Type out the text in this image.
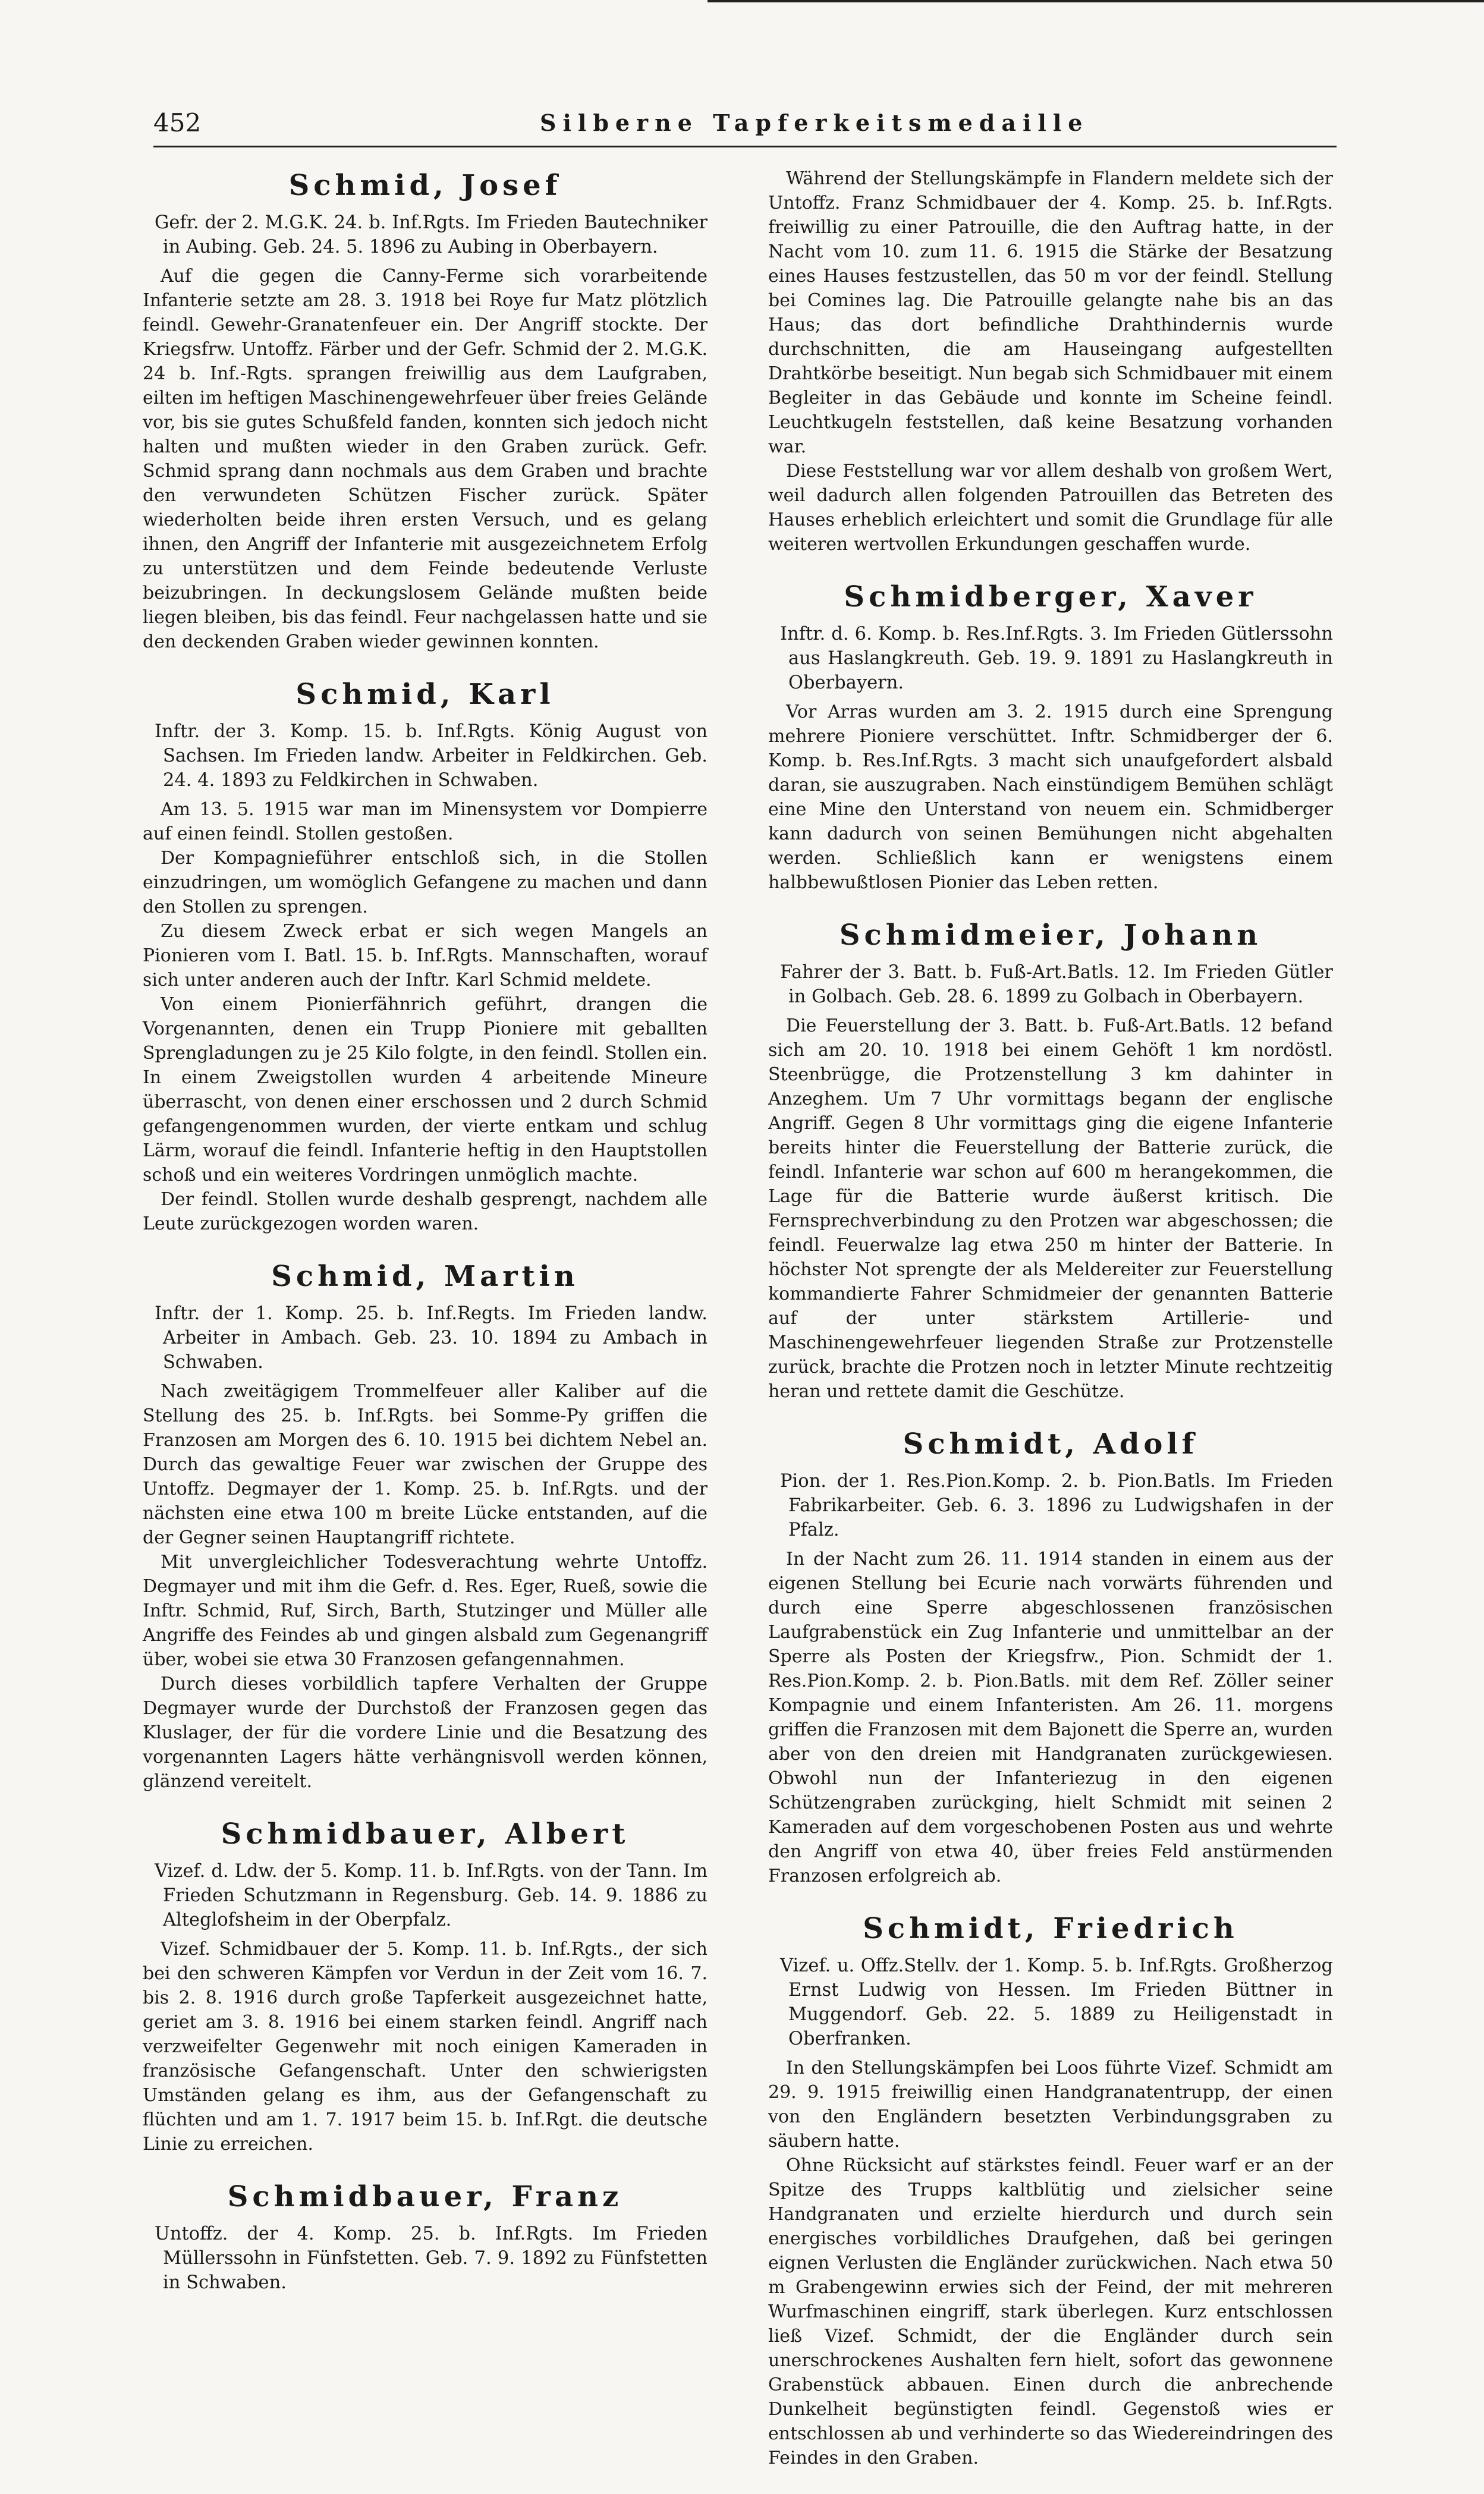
452	Silberne Tapferkeitsmedaille
Schmid, Josef
Gefr. der 2. M.G.K. 24. b. Inf.Rgts. Im Frieden Bautechniker in Aubing. Geb. 24. 5. 1896 zu Aubing in Oberbayern.

Auf die gegen die Canny-Ferme sich vorarbeitende Infanterie setzte am 28. 3. 1918 bei Roye fur Matz plötzlich feindl. Gewehr-Granatenfeuer ein. Der Angriff stockte. Der Kriegsfrw. Untoffz. Färber und der Gefr. Schmid der 2. M.G.K. 24 b. Inf.-Rgts. sprangen freiwillig aus dem Laufgraben, eilten im heftigen Maschinengewehrfeuer über freies Gelände vor, bis sie gutes Schußfeld fanden, konnten sich jedoch nicht halten und mußten wieder in den Graben zurück. Gefr. Schmid sprang dann nochmals aus dem Graben und brachte den verwundeten Schützen Fischer zurück. Später wiederholten beide ihren ersten Versuch, und es gelang ihnen, den Angriff der Infanterie mit ausgezeichnetem Erfolg zu unterstützen und dem Feinde bedeutende Verluste beizubringen. In deckungslosem Gelände mußten beide liegen bleiben, bis das feindl. Feur nachgelassen hatte und sie den deckenden Graben wieder gewinnen konnten.

Schmid, Karl
Inftr. der 3. Komp. 15. b. Inf.Rgts. König August von Sachsen. Im Frieden landw. Arbeiter in Feldkirchen. Geb. 24. 4. 1893 zu Feldkirchen in Schwaben.

Am 13. 5. 1915 war man im Minensystem vor Dompierre auf einen feindl. Stollen gestoßen.

Der Kompagnieführer entschloß sich, in die Stollen einzudringen, um womöglich Gefangene zu machen und dann den Stollen zu sprengen.

Zu diesem Zweck erbat er sich wegen Mangels an Pionieren vom I. Batl. 15. b. Inf.Rgts. Mannschaften, worauf sich unter anderen auch der Inftr. Karl Schmid meldete.

Von einem Pionierfähnrich geführt, drangen die Vorgenannten, denen ein Trupp Pioniere mit geballten Sprengladungen zu je 25 Kilo folgte, in den feindl. Stollen ein. In einem Zweigstollen wurden 4 arbeitende Mineure überrascht, von denen einer erschossen und 2 durch Schmid gefangengenommen wurden, der vierte entkam und schlug Lärm, worauf die feindl. Infanterie heftig in den Hauptstollen schoß und ein weiteres Vordringen unmöglich machte.

Der feindl. Stollen wurde deshalb gesprengt, nachdem alle Leute zurückgezogen worden waren.

Schmid, Martin
Inftr. der 1. Komp. 25. b. Inf.Regts. Im Frieden landw. Arbeiter in Ambach. Geb. 23. 10. 1894 zu Ambach in Schwaben.

Nach zweitägigem Trommelfeuer aller Kaliber auf die Stellung des 25. b. Inf.Rgts. bei Somme-Py griffen die Franzosen am Morgen des 6. 10. 1915 bei dichtem Nebel an. Durch das gewaltige Feuer war zwischen der Gruppe des Untoffz. Degmayer der 1. Komp. 25. b. Inf.Rgts. und der nächsten eine etwa 100 m breite Lücke entstanden, auf die der Gegner seinen Hauptangriff richtete.

Mit unvergleichlicher Todesverachtung wehrte Untoffz. Degmayer und mit ihm die Gefr. d. Res. Eger, Rueß, sowie die Inftr. Schmid, Ruf, Sirch, Barth, Stutzinger und Müller alle Angriffe des Feindes ab und gingen alsbald zum Gegenangriff über, wobei sie etwa 30 Franzosen gefangennahmen.

Durch dieses vorbildlich tapfere Verhalten der Gruppe Degmayer wurde der Durchstoß der Franzosen gegen das Kluslager, der für die vordere Linie und die Besatzung des vorgenannten Lagers hätte verhängnisvoll werden können, glänzend vereitelt.

Schmidbauer, Albert
Vizef. d. Ldw. der 5. Komp. 11. b. Inf.Rgts. von der Tann. Im Frieden Schutzmann in Regensburg. Geb. 14. 9. 1886 zu Alteglofsheim in der Oberpfalz.

Vizef. Schmidbauer der 5. Komp. 11. b. Inf.Rgts., der sich bei den schweren Kämpfen vor Verdun in der Zeit vom 16. 7. bis 2. 8. 1916 durch große Tapferkeit ausgezeichnet hatte, geriet am 3. 8. 1916 bei einem starken feindl. Angriff nach verzweifelter Gegenwehr mit noch einigen Kameraden in französische Gefangenschaft. Unter den schwierigsten Umständen gelang es ihm, aus der Gefangenschaft zu flüchten und am 1. 7. 1917 beim 15. b. Inf.Rgt. die deutsche Linie zu erreichen.

Schmidbauer, Franz
Untoffz. der 4. Komp. 25. b. Inf.Rgts. Im Frieden Müllerssohn in Fünfstetten. Geb. 7. 9. 1892 zu Fünfstetten in Schwaben.

Während der Stellungskämpfe in Flandern meldete sich der Untoffz. Franz Schmidbauer der 4. Komp. 25. b. Inf.Rgts. freiwillig zu einer Patrouille, die den Auftrag hatte, in der Nacht vom 10. zum 11. 6. 1915 die Stärke der Besatzung eines Hauses festzustellen, das 50 m vor der feindl. Stellung bei Comines lag. Die Patrouille gelangte nahe bis an das Haus; das dort befindliche Drahthindernis wurde durchschnitten, die am Hauseingang aufgestellten Drahtkörbe beseitigt. Nun begab sich Schmidbauer mit einem Begleiter in das Gebäude und konnte im Scheine feindl. Leuchtkugeln feststellen, daß keine Besatzung vorhanden war.

Diese Feststellung war vor allem deshalb von großem Wert, weil dadurch allen folgenden Patrouillen das Betreten des Hauses erheblich erleichtert und somit die Grundlage für alle weiteren wertvollen Erkundungen geschaffen wurde.

Schmidberger, Xaver
Inftr. d. 6. Komp. b. Res.Inf.Rgts. 3. Im Frieden Gütlerssohn aus Haslangkreuth. Geb. 19. 9. 1891 zu Haslangkreuth in Oberbayern.

Vor Arras wurden am 3. 2. 1915 durch eine Sprengung mehrere Pioniere verschüttet. Inftr. Schmidberger der 6. Komp. b. Res.Inf.Rgts. 3 macht sich unaufgefordert alsbald daran, sie auszugraben. Nach einstündigem Bemühen schlägt eine Mine den Unterstand von neuem ein. Schmidberger kann dadurch von seinen Bemühungen nicht abgehalten werden. Schließlich kann er wenigstens einem halbbewußtlosen Pionier das Leben retten.

Schmidmeier, Johann
Fahrer der 3. Batt. b. Fuß-Art.Batls. 12. Im Frieden Gütler in Golbach. Geb. 28. 6. 1899 zu Golbach in Oberbayern.

Die Feuerstellung der 3. Batt. b. Fuß-Art.Batls. 12 befand sich am 20. 10. 1918 bei einem Gehöft 1 km nordöstl. Steenbrügge, die Protzenstellung 3 km dahinter in Anzeghem. Um 7 Uhr vormittags begann der englische Angriff. Gegen 8 Uhr vormittags ging die eigene Infanterie bereits hinter die Feuerstellung der Batterie zurück, die feindl. Infanterie war schon auf 600 m herangekommen, die Lage für die Batterie wurde äußerst kritisch. Die Fernsprechverbindung zu den Protzen war abgeschossen; die feindl. Feuerwalze lag etwa 250 m hinter der Batterie. In höchster Not sprengte der als Meldereiter zur Feuerstellung kommandierte Fahrer Schmidmeier der genannten Batterie auf der unter stärkstem Artillerie- und Maschinengewehrfeuer liegenden Straße zur Protzenstelle zurück, brachte die Protzen noch in letzter Minute rechtzeitig heran und rettete damit die Geschütze.

Schmidt, Adolf
Pion. der 1. Res.Pion.Komp. 2. b. Pion.Batls. Im Frieden Fabrikarbeiter. Geb. 6. 3. 1896 zu Ludwigshafen in der Pfalz.

In der Nacht zum 26. 11. 1914 standen in einem aus der eigenen Stellung bei Ecurie nach vorwärts führenden und durch eine Sperre abgeschlossenen französischen Laufgrabenstück ein Zug Infanterie und unmittelbar an der Sperre als Posten der Kriegsfrw., Pion. Schmidt der 1. Res.Pion.Komp. 2. b. Pion.Batls. mit dem Ref. Zöller seiner Kompagnie und einem Infanteristen. Am 26. 11. morgens griffen die Franzosen mit dem Bajonett die Sperre an, wurden aber von den dreien mit Handgranaten zurückgewiesen. Obwohl nun der Infanteriezug in den eigenen Schützengraben zurückging, hielt Schmidt mit seinen 2 Kameraden auf dem vorgeschobenen Posten aus und wehrte den Angriff von etwa 40, über freies Feld anstürmenden Franzosen erfolgreich ab.

Schmidt, Friedrich
Vizef. u. Offz.Stellv. der 1. Komp. 5. b. Inf.Rgts. Großherzog Ernst Ludwig von Hessen. Im Frieden Büttner in Muggendorf. Geb. 22. 5. 1889 zu Heiligenstadt in Oberfranken.

In den Stellungskämpfen bei Loos führte Vizef. Schmidt am 29. 9. 1915 freiwillig einen Handgranatentrupp, der einen von den Engländern besetzten Verbindungsgraben zu säubern hatte.

Ohne Rücksicht auf stärkstes feindl. Feuer warf er an der Spitze des Trupps kaltblütig und zielsicher seine Handgranaten und erzielte hierdurch und durch sein energisches vorbildliches Draufgehen, daß bei geringen eignen Verlusten die Engländer zurückwichen. Nach etwa 50 m Grabengewinn erwies sich der Feind, der mit mehreren Wurfmaschinen eingriff, stark überlegen. Kurz entschlossen ließ Vizef. Schmidt, der die Engländer durch sein unerschrockenes Aushalten fern hielt, sofort das gewonnene Grabenstück abbauen. Einen durch die anbrechende Dunkelheit begünstigten feindl. Gegenstoß wies er entschlossen ab und verhinderte so das Wiedereindringen des Feindes in den Graben.
